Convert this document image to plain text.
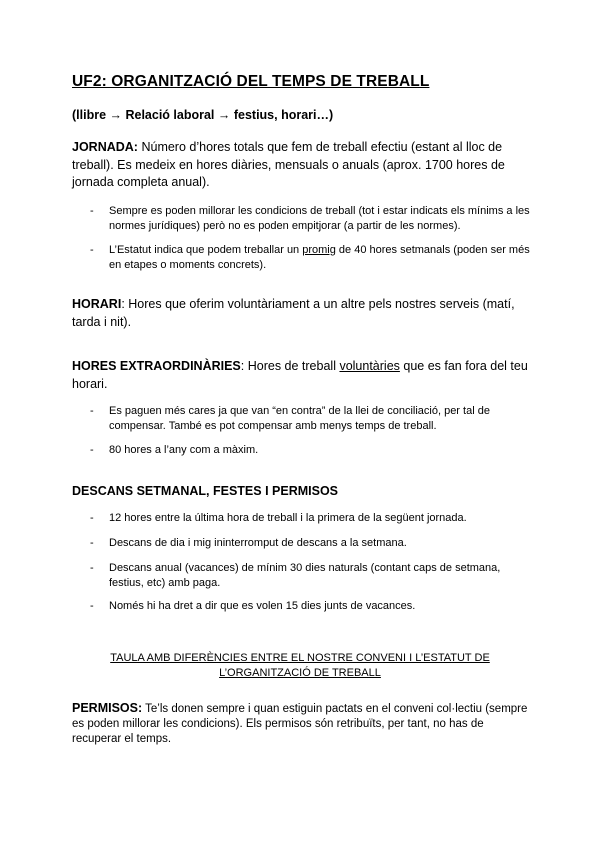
UF2: ORGANITZACIÓ DEL TEMPS DE TREBALL
(llibre → Relació laboral → festius, horari…)
JORNADA: Número d’hores totals que fem de treball efectiu (estant al lloc de treball). Es medeix en hores diàries, mensuals o anuals (aprox. 1700 hores de jornada completa anual).
- Sempre es poden millorar les condicions de treball (tot i estar indicats els mínims a les normes jurídiques) però no es poden empitjorar (a partir de les normes).
- L’Estatut indica que podem treballar un promig de 40 hores setmanals (poden ser més en etapes o moments concrets).
HORARI: Hores que oferim voluntàriament a un altre pels nostres serveis (matí, tarda i nit).
HORES EXTRAORDINÀRIES: Hores de treball voluntàries que es fan fora del teu horari.
- Es paguen més cares ja que van “en contra” de la llei de conciliació, per tal de compensar. També es pot compensar amb menys temps de treball.
- 80 hores a l’any com a màxim.
DESCANS SETMANAL, FESTES I PERMISOS
- 12 hores entre la última hora de treball i la primera de la següent jornada.
- Descans de dia i mig ininterromput de descans a la setmana.
- Descans anual (vacances) de mínim 30 dies naturals (contant caps de setmana, festius, etc) amb paga.
- Només hi ha dret a dir que es volen 15 dies junts de vacances.
TAULA AMB DIFERÈNCIES ENTRE EL NOSTRE CONVENI I L’ESTATUT DE L’ORGANITZACIÓ DE TREBALL
PERMISOS: Te’ls donen sempre i quan estiguin pactats en el conveni col·lectiu (sempre es poden millorar les condicions). Els permisos són retribuïts, per tant, no has de recuperar el temps.
